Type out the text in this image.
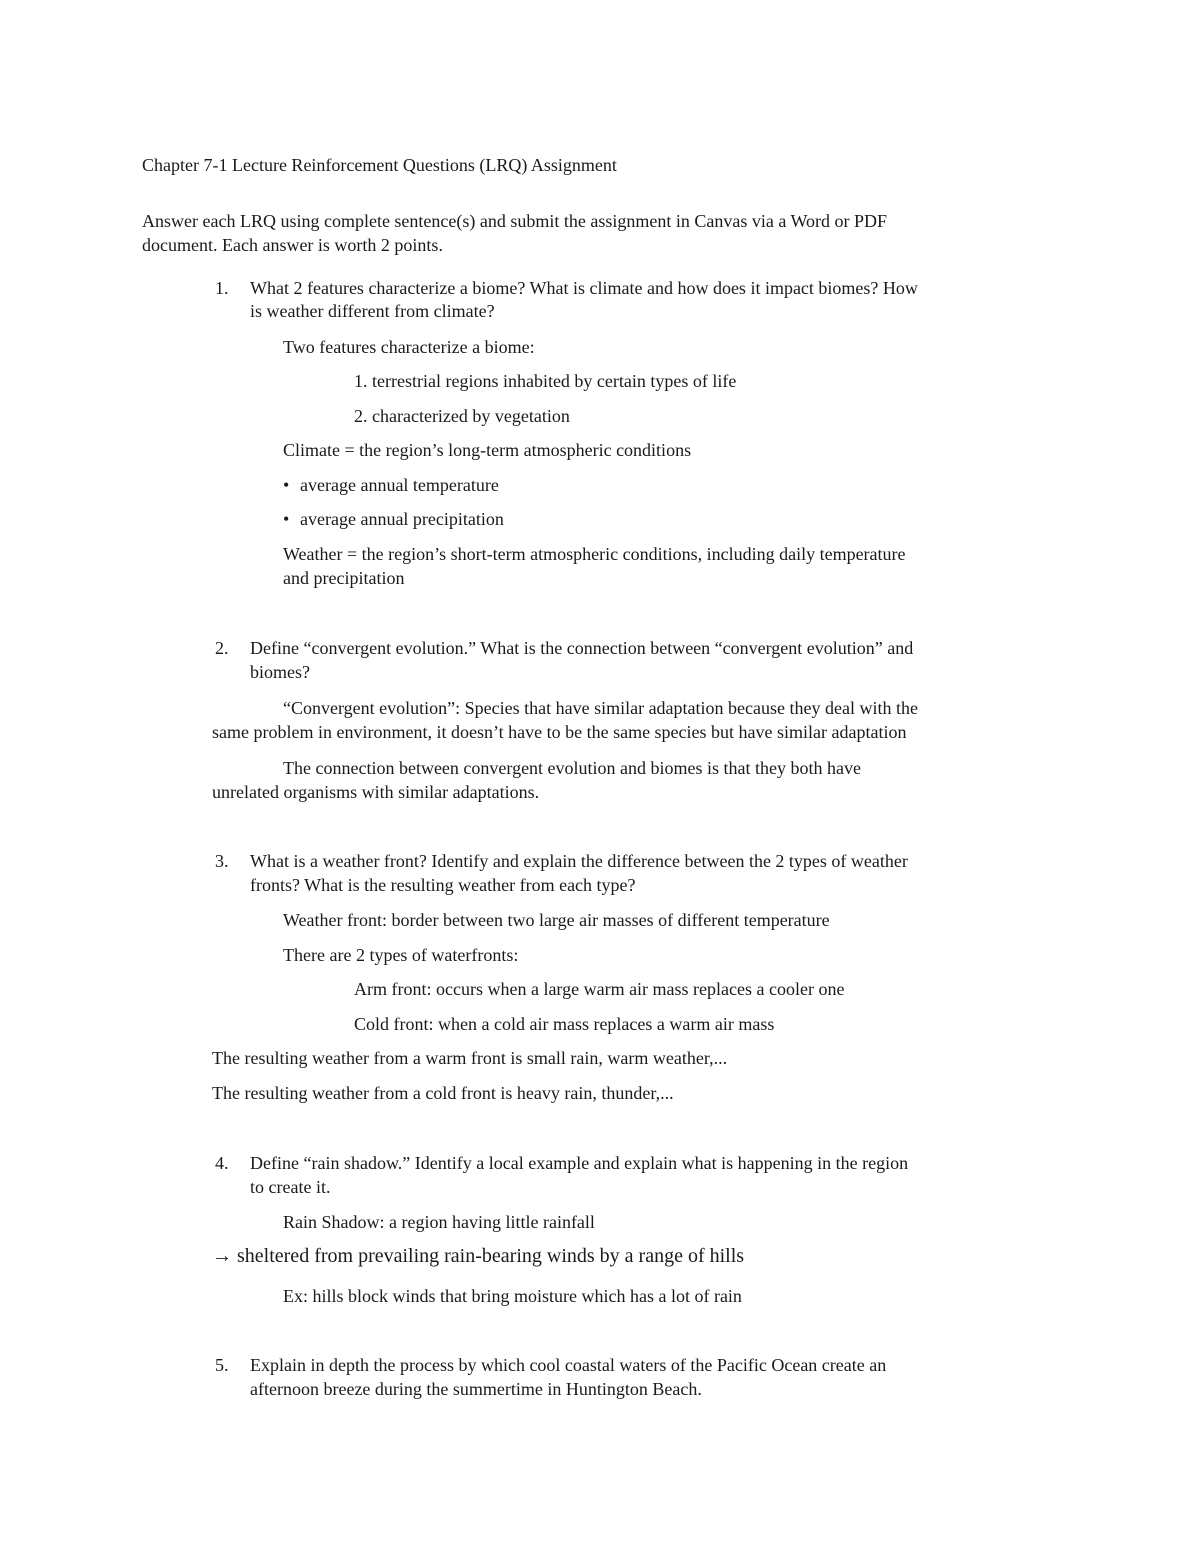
Chapter 7-1 Lecture Reinforcement Questions (LRQ) Assignment
Answer each LRQ using complete sentence(s) and submit the assignment in Canvas via a Word or PDF
document. Each answer is worth 2 points.
1. What 2 features characterize a biome? What is climate and how does it impact biomes? How
is weather different from climate?
Two features characterize a biome:
1. terrestrial regions inhabited by certain types of life
2. characterized by vegetation
Climate = the region’s long-term atmospheric conditions
• average annual temperature
• average annual precipitation
Weather = the region’s short-term atmospheric conditions, including daily temperature
and precipitation
2. Define “convergent evolution.” What is the connection between “convergent evolution” and
biomes?
“Convergent evolution”: Species that have similar adaptation because they deal with the
same problem in environment, it doesn’t have to be the same species but have similar adaptation
The connection between convergent evolution and biomes is that they both have
unrelated organisms with similar adaptations.
3. What is a weather front? Identify and explain the difference between the 2 types of weather
fronts? What is the resulting weather from each type?
Weather front: border between two large air masses of different temperature
There are 2 types of waterfronts:
Arm front: occurs when a large warm air mass replaces a cooler one
Cold front: when a cold air mass replaces a warm air mass
The resulting weather from a warm front is small rain, warm weather,...
The resulting weather from a cold front is heavy rain, thunder,...
4. Define “rain shadow.” Identify a local example and explain what is happening in the region
to create it.
Rain Shadow: a region having little rainfall
→ sheltered from prevailing rain-bearing winds by a range of hills
Ex: hills block winds that bring moisture which has a lot of rain
5. Explain in depth the process by which cool coastal waters of the Pacific Ocean create an
afternoon breeze during the summertime in Huntington Beach.
